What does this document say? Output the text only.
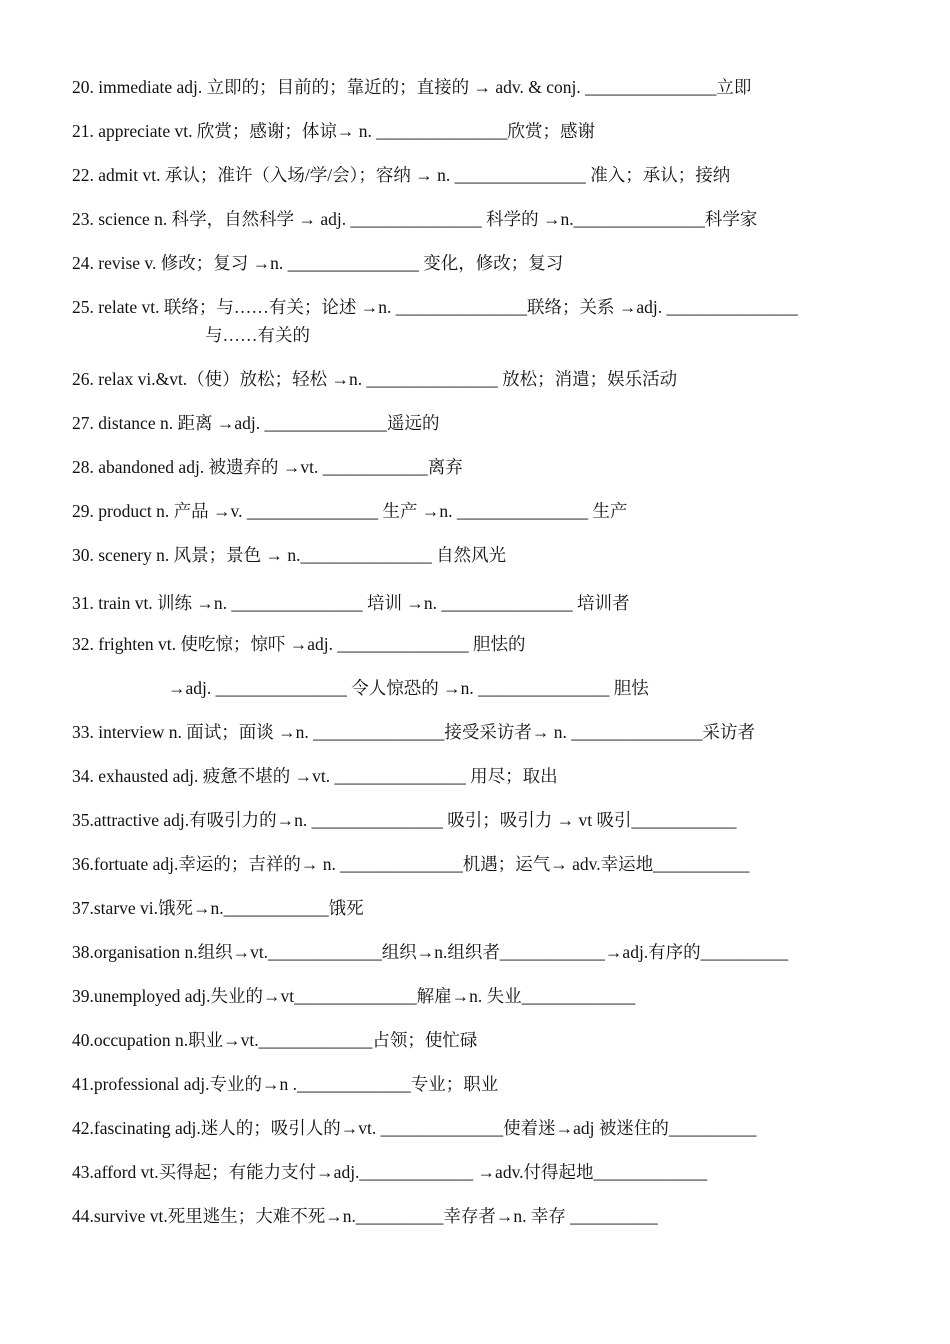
20. immediate adj. 立即的；目前的；靠近的；直接的 → adv. & conj. _______________立即
21. appreciate vt. 欣赏；感谢；体谅→ n. _______________欣赏；感谢
22. admit vt. 承认；准许（入场/学/会）；容纳 → n. _______________ 准入；承认；接纳
23. science n. 科学，自然科学 → adj. _______________ 科学的 →n._______________科学家
24. revise v. 修改；复习 →n. _______________ 变化，修改；复习
25. relate vt. 联络；与……有关；论述 →n. _______________联络；关系 →adj. _______________
与……有关的
26. relax vi.&vt.（使）放松；轻松 →n. _______________ 放松；消遣；娱乐活动
27. distance n. 距离 →adj. ______________遥远的
28. abandoned adj. 被遗弃的 →vt. ____________离弃
29. product n. 产品 →v. _______________ 生产 →n. _______________ 生产
30. scenery n. 风景；景色 → n._______________ 自然风光
31. train vt. 训练 →n. _______________ 培训 →n. _______________ 培训者
32. frighten vt. 使吃惊；惊吓 →adj. _______________ 胆怯的
→adj. _______________ 令人惊恐的 →n. _______________ 胆怯
33. interview n. 面试；面谈 →n. _______________接受采访者→ n. _______________采访者
34. exhausted adj. 疲惫不堪的 →vt. _______________ 用尽；取出
35.attractive adj.有吸引力的→n. _______________ 吸引；吸引力 → vt 吸引____________
36.fortuate adj.幸运的；吉祥的→ n. ______________机遇；运气→ adv.幸运地___________
37.starve vi.饿死→n.____________饿死
38.organisation n.组织→vt._____________组织→n.组织者____________→adj.有序的__________
39.unemployed adj.失业的→vt______________解雇→n. 失业_____________
40.occupation n.职业→vt._____________占领；使忙碌
41.professional adj.专业的→n ._____________专业；职业
42.fascinating adj.迷人的；吸引人的→vt. ______________使着迷→adj 被迷住的__________
43.afford vt.买得起；有能力支付→adj._____________ →adv.付得起地_____________
44.survive vt.死里逃生；大难不死→n.__________幸存者→n. 幸存 __________
